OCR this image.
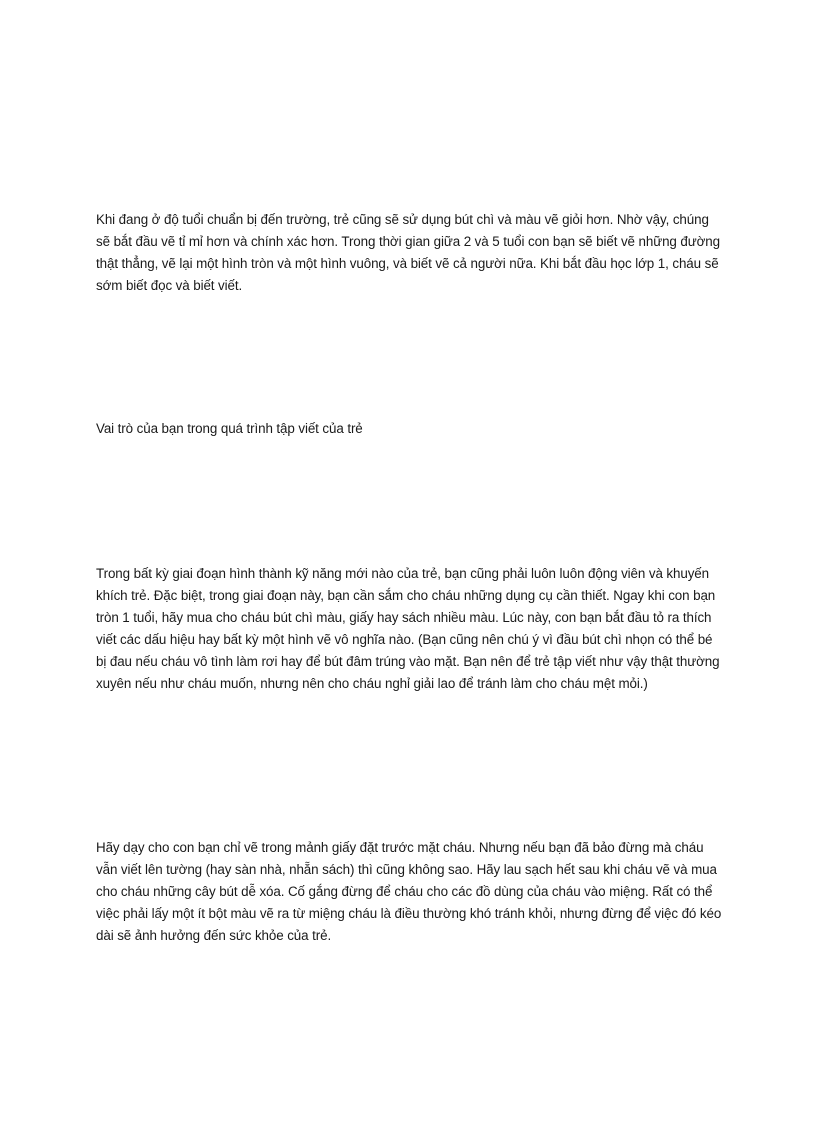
Khi đang ở độ tuổi chuẩn bị đến trường, trẻ cũng sẽ sử dụng bút chì và màu vẽ giỏi hơn. Nhờ vậy, chúng sẽ bắt đầu vẽ tỉ mỉ hơn và chính xác hơn. Trong thời gian giữa 2 và 5 tuổi con bạn sẽ biết vẽ những đường thật thẳng, vẽ lại một hình tròn và một hình vuông, và biết vẽ cả người nữa. Khi bắt đầu học lớp 1, cháu sẽ sớm biết đọc và biết viết.

Vai trò của bạn trong quá trình tập viết của trẻ

Trong bất kỳ giai đoạn hình thành kỹ năng mới nào của trẻ, bạn cũng phải luôn luôn động viên và khuyến khích trẻ. Đặc biệt, trong giai đoạn này, bạn cần sắm cho cháu những dụng cụ cần thiết. Ngay khi con bạn tròn 1 tuổi, hãy mua cho cháu bút chì màu, giấy hay sách nhiều màu. Lúc này, con bạn bắt đầu tỏ ra thích viết các dấu hiệu hay bất kỳ một hình vẽ vô nghĩa nào. (Bạn cũng nên chú ý vì đầu bút chì nhọn có thể bé bị đau nếu cháu vô tình làm rơi hay để bút đâm trúng vào mặt. Bạn nên để trẻ tập viết như vậy thật thường xuyên nếu như cháu muốn, nhưng nên cho cháu nghỉ giải lao để tránh làm cho cháu mệt mỏi.)

Hãy dạy cho con bạn chỉ vẽ trong mảnh giấy đặt trước mặt cháu. Nhưng nếu bạn đã bảo đừng mà cháu vẫn viết lên tường (hay sàn nhà, nhẵn sách) thì cũng không sao. Hãy lau sạch hết sau khi cháu vẽ và mua cho cháu những cây bút dễ xóa. Cố gắng đừng để cháu cho các đồ dùng của cháu vào miệng. Rất có thể việc phải lấy một ít bột màu vẽ ra từ miệng cháu là điều thường khó tránh khỏi, nhưng đừng để việc đó kéo dài sẽ ảnh hưởng đến sức khỏe của trẻ.
